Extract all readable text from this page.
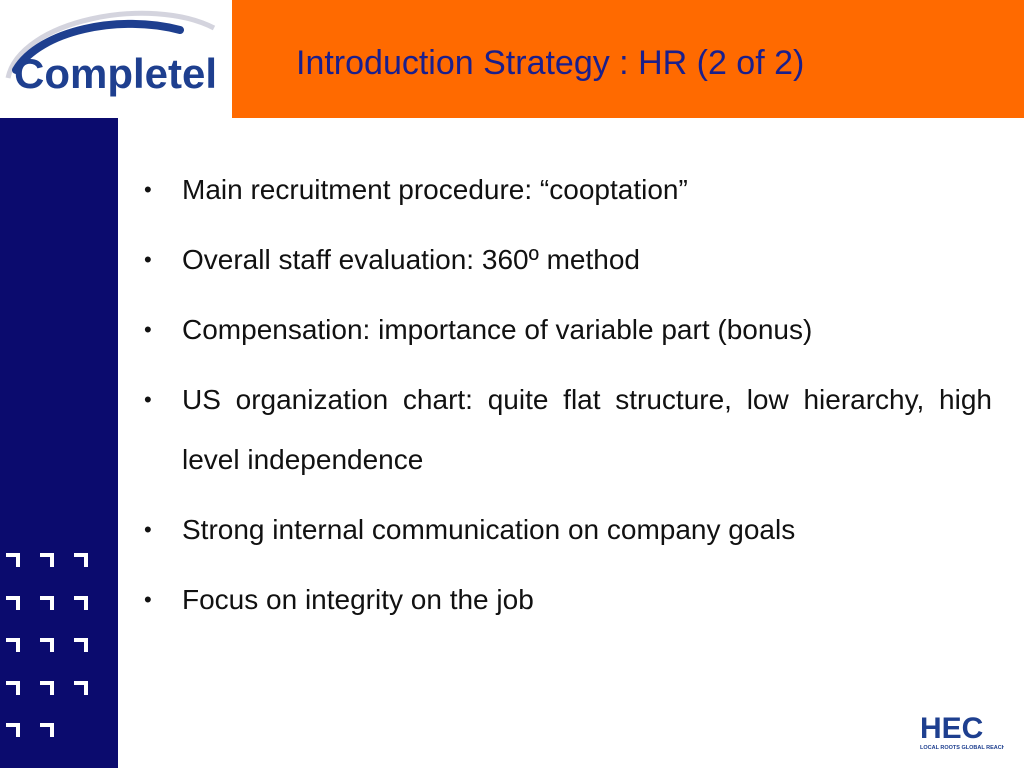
Completel Introduction Strategy : HR (2 of 2)
• Main recruitment procedure: “cooptation”
• Overall staff evaluation: 360º method
• Compensation: importance of variable part (bonus)
• US organization chart: quite flat structure, low hierarchy, high level independence
• Strong internal communication on company goals
• Focus on integrity on the job
HEC
LOCAL ROOTS GLOBAL REACH
